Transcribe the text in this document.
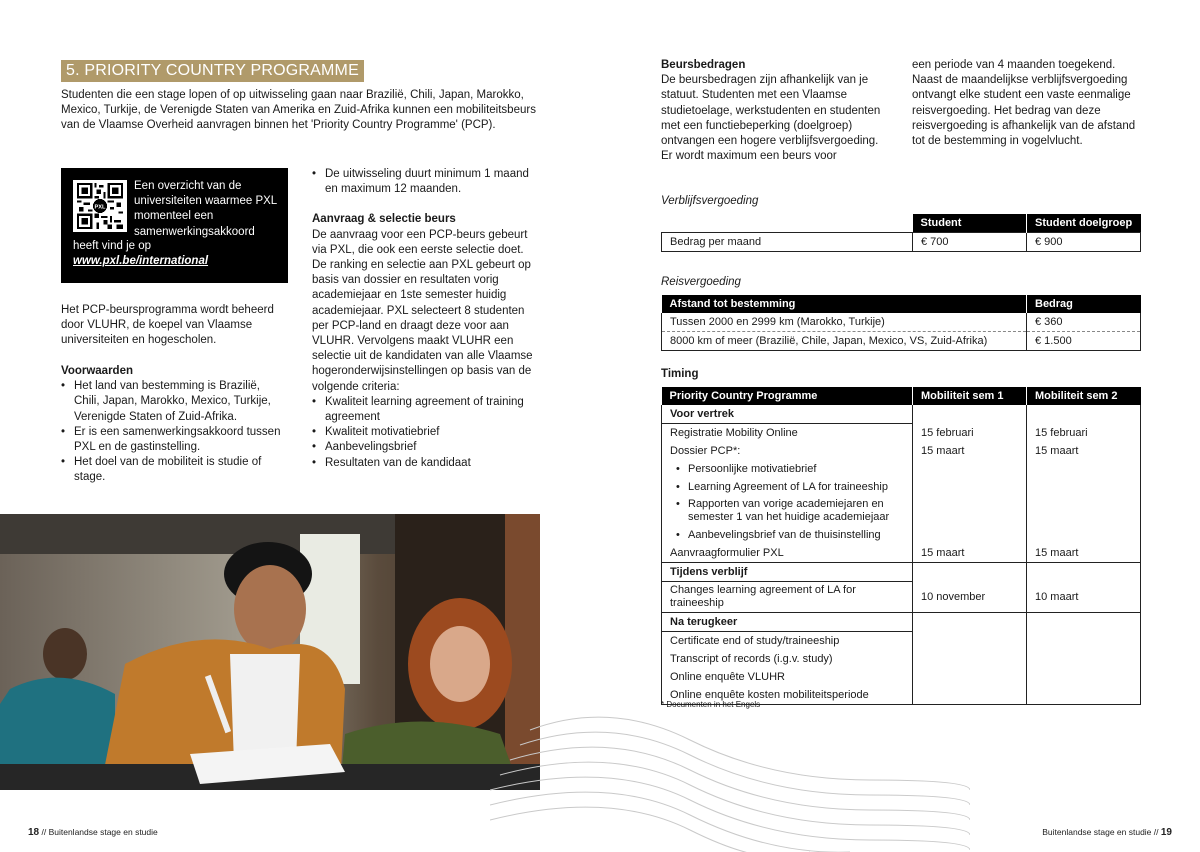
5. PRIORITY COUNTRY PROGRAMME

Studenten die een stage lopen of op uitwisseling gaan naar Brazilië, Chili, Japan, Marokko, Mexico, Turkije, de Verenigde Staten van Amerika en Zuid-Afrika kunnen een mobiliteitsbeurs van de Vlaamse Overheid aanvragen binnen het 'Priority Country Programme' (PCP).

PXL
Een overzicht van de universiteiten waarmee PXL momenteel een samenwerkingsakkoord
heeft vind je op
www.pxl.be/international

Het PCP-beursprogramma wordt beheerd door VLUHR, de koepel van Vlaamse universiteiten en hogescholen.

Voorwaarden
• Het land van bestemming is Brazilië, Chili, Japan, Marokko, Mexico, Turkije, Verenigde Staten of Zuid-Afrika.
• Er is een samenwerkingsakkoord tussen PXL en de gastinstelling.
• Het doel van de mobiliteit is studie of stage.
• De uitwisseling duurt minimum 1 maand en maximum 12 maanden.
Aanvraag & selectie beurs

De aanvraag voor een PCP-beurs gebeurt via PXL, die ook een eerste selectie doet. De ranking en selectie aan PXL gebeurt op basis van dossier en resultaten vorig academiejaar en 1ste semester huidig academiejaar. PXL selecteert 8 studenten per PCP-land en draagt deze voor aan VLUHR. Vervolgens maakt VLUHR een selectie uit de kandidaten van alle Vlaamse hogeronderwijsinstellingen op basis van de volgende criteria:

• Kwaliteit learning agreement of training agreement
• Kwaliteit motivatiebrief
• Aanbevelingsbrief
• Resultaten van de kandidaat
18 // Buitenlandse stage en studie
Beursbedragen

De beursbedragen zijn afhankelijk van je statuut. Studenten met een Vlaamse studietoelage, werkstudenten en studenten met een functiebeperking (doelgroep) ontvangen een hogere verblijfsvergoeding. Er wordt maximum een beurs voor

een periode van 4 maanden toegekend. Naast de maandelijkse verblijfsvergoeding ontvangt elke student een vaste eenmalige reisvergoeding. Het bedrag van deze reisvergoeding is afhankelijk van de afstand tot de bestemming in vogelvlucht.

Verblijfsvergoeding
	Student	Student doelgroep
Bedrag per maand	€ 700	€ 900
Reisvergoeding
Afstand tot bestemming	Bedrag
Tussen 2000 en 2999 km (Marokko, Turkije)	€ 360
8000 km of meer (Brazilië, Chile, Japan, Mexico, VS, Zuid-Afrika)	€ 1.500
Timing
Priority Country Programme	Mobiliteit sem 1	Mobiliteit sem 2
Voor vertrek		
Registratie Mobility Online	15 februari	15 februari
Dossier PCP*:	15 maart	15 maart

• Persoonlijke motivatiebrief

• Learning Agreement of LA for traineeship

• Rapporten van vorige academiejaren en semester 1 van het huidige academiejaar

• Aanbevelingsbrief van de thuisinstelling

Aanvraagformulier PXL	15 maart	15 maart
Tijdens verblijf		
Changes learning agreement of LA for traineeship	10 november	10 maart
Na terugkeer		
Certificate end of study/traineeship		
Transcript of records (i.g.v. study)		
Online enquête VLUHR		
Online enquête kosten mobiliteitsperiode		
* Documenten in het Engels
Buitenlandse stage en studie // 19
